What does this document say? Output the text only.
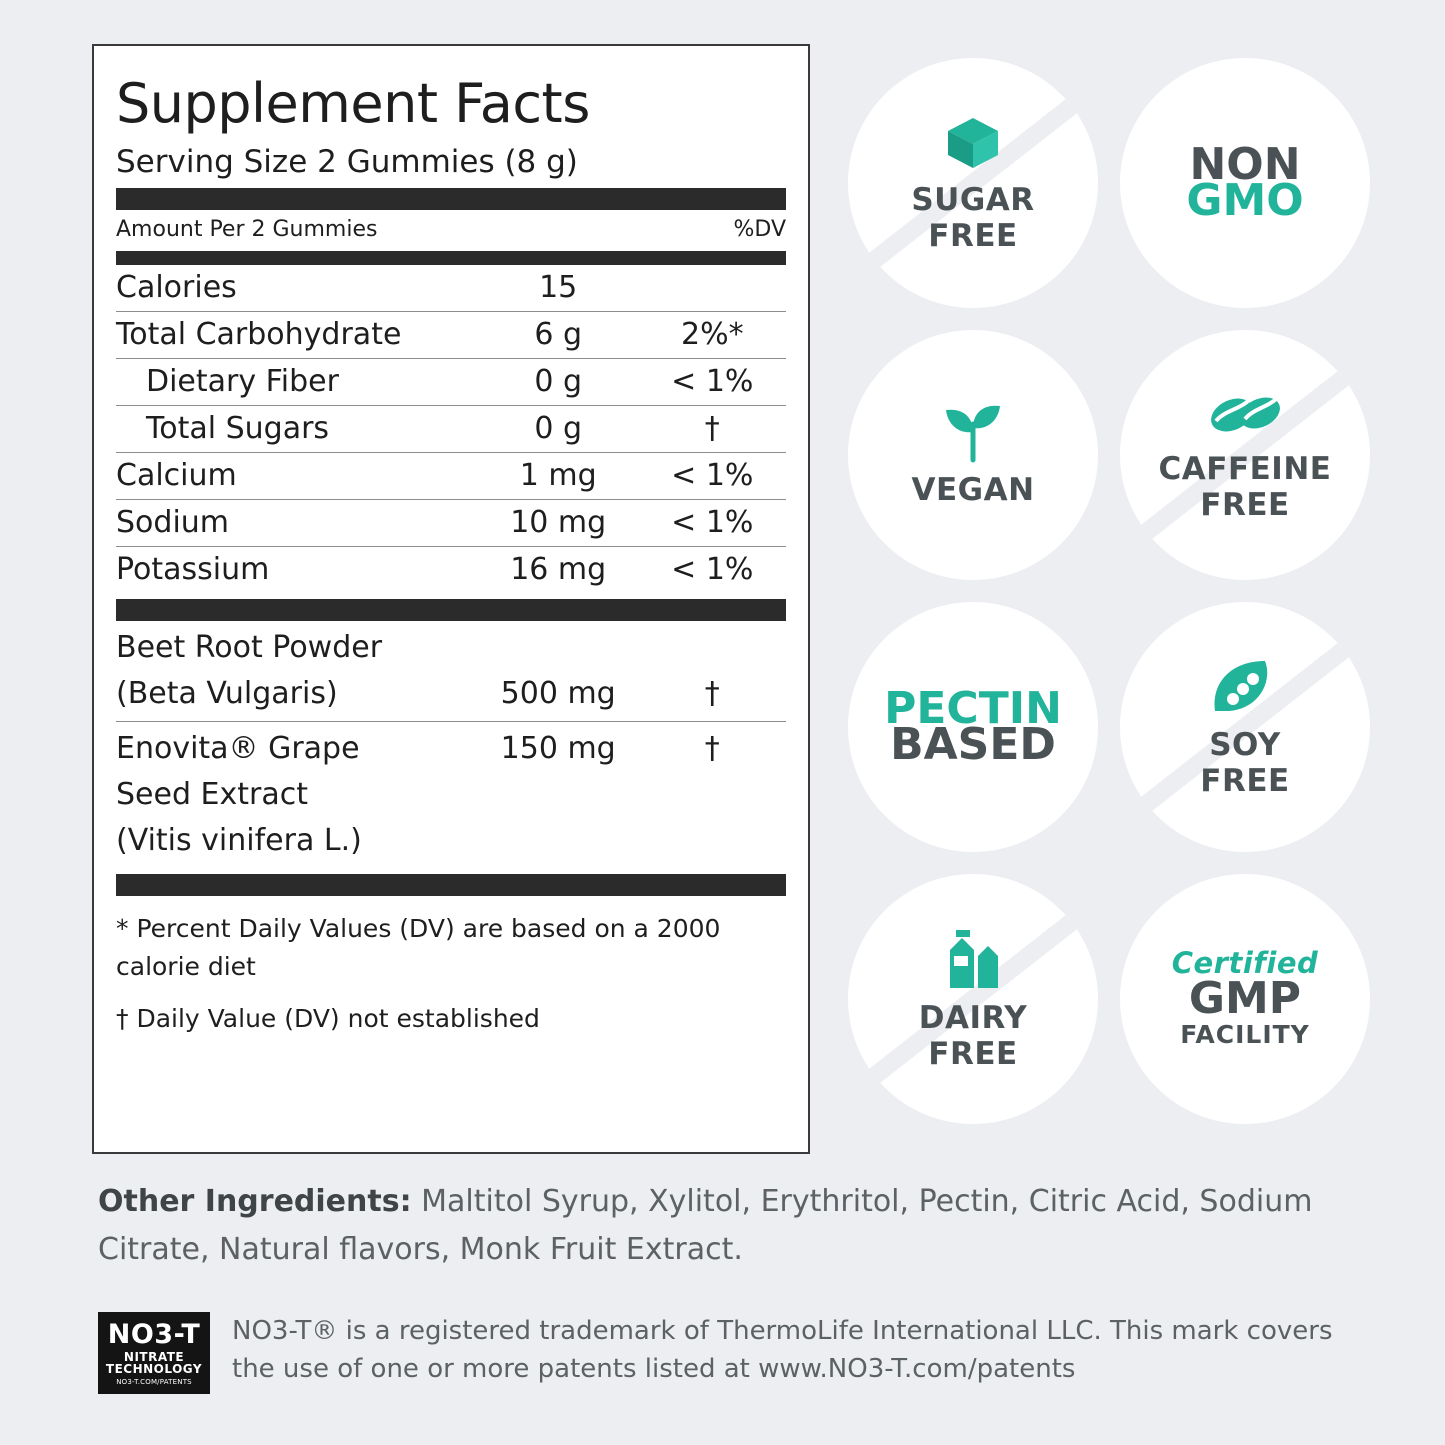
Supplement Facts
Serving Size 2 Gummies (8 g)
Amount Per 2 Gummies	%DV
Calories	15	
Total Carbohydrate	6 g	2%*
Dietary Fiber	0 g	< 1%
Total Sugars	0 g	†
Calcium	1 mg	< 1%
Sodium	10 mg	< 1%
Potassium	16 mg	< 1%
Beet Root Powder
(Beta Vulgaris)	500 mg	†

Enovita® Grape
Seed Extract
(Vitis vinifera L.)	150 mg	†

* Percent Daily Values (DV) are based on a 2000 calorie diet

† Daily Value (DV) not established

SUGAR
FREE
NON
GMO
VEGAN
CAFFEINE
FREE
PECTIN
BASED	SOY
FREE
DAIRY
FREE
Certified
GMP
FACILITY
Other Ingredients: Maltitol Syrup, Xylitol, Erythritol, Pectin, Citric Acid, Sodium Citrate, Natural flavors, Monk Fruit Extract.
NO3-T
NITRATE
TECHNOLOGY
NO3-T.COM/PATENTS
NO3-T® is a registered trademark of ThermoLife International LLC. This mark covers the use of one or more patents listed at www.NO3-T.com/patents
